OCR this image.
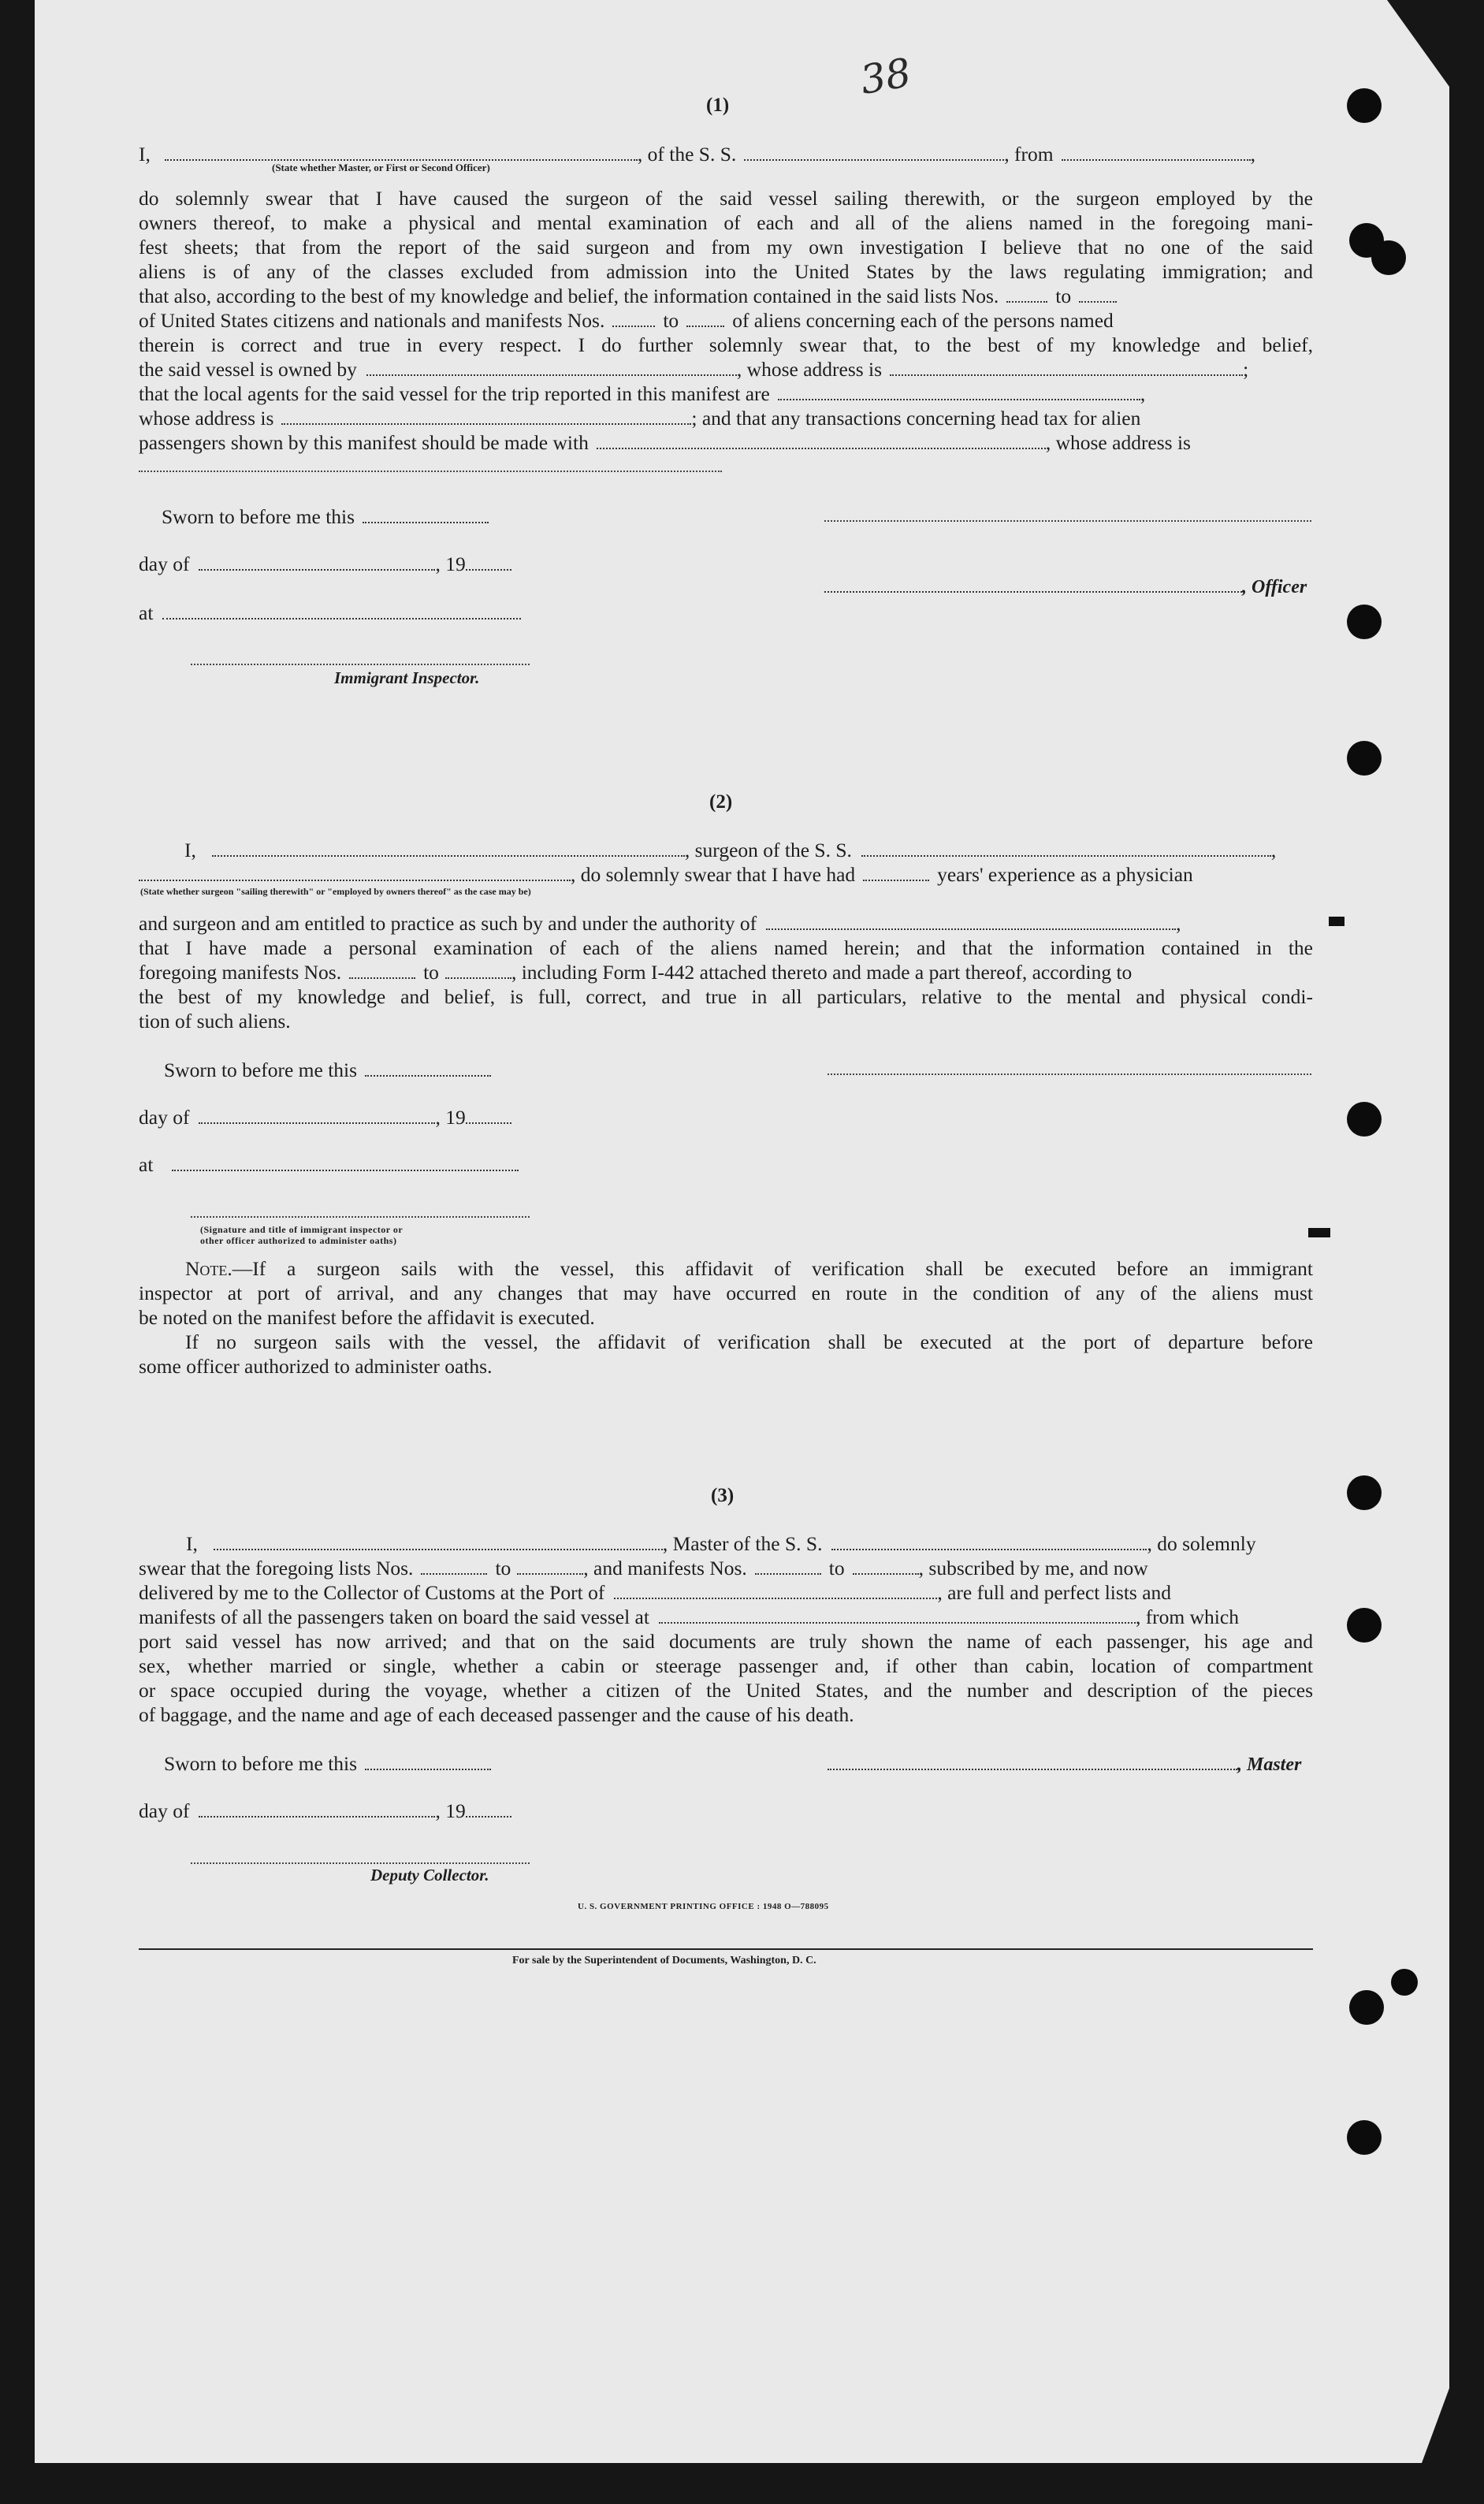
38
(1)
I,	, of the S. S.	, from	,
(State whether Master, or First or Second Officer)
do solemnly swear that I have caused the surgeon of the said vessel sailing therewith, or the surgeon employed by the
owners thereof, to make a physical and mental examination of each and all of the aliens named in the foregoing mani-
fest sheets; that from the report of the said surgeon and from my own investigation I believe that no one of the said
aliens is of any of the classes excluded from admission into the United States by the laws regulating immigration; and
that also, according to the best of my knowledge and belief, the information contained in the said lists Nos.	to
of United States citizens and nationals and manifests Nos.	to	of aliens concerning each of the persons named
therein is correct and true in every respect. I do further solemnly swear that, to the best of my knowledge and belief,
the said vessel is owned by	, whose address is	;
that the local agents for the said vessel for the trip reported in this manifest are	,
whose address is	; and that any transactions concerning head tax for alien
passengers shown by this manifest should be made with	, whose address is
Sworn to before me this
day of	, 19
, Officer
at
Immigrant Inspector.
(2)
I,	, surgeon of the S. S.	,
, do solemnly swear that I have had	years' experience as a physician
(State whether surgeon "sailing therewith" or "employed by owners thereof" as the case may be)
and surgeon and am entitled to practice as such by and under the authority of	,
that I have made a personal examination of each of the aliens named herein; and that the information contained in the
foregoing manifests Nos.	to	, including Form I-442 attached thereto and made a part thereof, according to
the best of my knowledge and belief, is full, correct, and true in all particulars, relative to the mental and physical condi-
tion of such aliens.
Sworn to before me this
day of	, 19
at
(Signature and title of immigrant inspector or
other officer authorized to administer oaths)
Note.—If a surgeon sails with the vessel, this affidavit of verification shall be executed before an immigrant
inspector at port of arrival, and any changes that may have occurred en route in the condition of any of the aliens must
be noted on the manifest before the affidavit is executed.
If no surgeon sails with the vessel, the affidavit of verification shall be executed at the port of departure before
some officer authorized to administer oaths.
(3)
I,	, Master of the S. S.	, do solemnly
swear that the foregoing lists Nos.	to	, and manifests Nos.	to	, subscribed by me, and now
delivered by me to the Collector of Customs at the Port of	, are full and perfect lists and
manifests of all the passengers taken on board the said vessel at	, from which
port said vessel has now arrived; and that on the said documents are truly shown the name of each passenger, his age and
sex, whether married or single, whether a cabin or steerage passenger and, if other than cabin, location of compartment
or space occupied during the voyage, whether a citizen of the United States, and the number and description of the pieces
of baggage, and the name and age of each deceased passenger and the cause of his death.
Sworn to before me this	, Master
day of	, 19
Deputy Collector.
U. S. GOVERNMENT PRINTING OFFICE : 1948 O—788095
For sale by the Superintendent of Documents, Washington, D. C.
